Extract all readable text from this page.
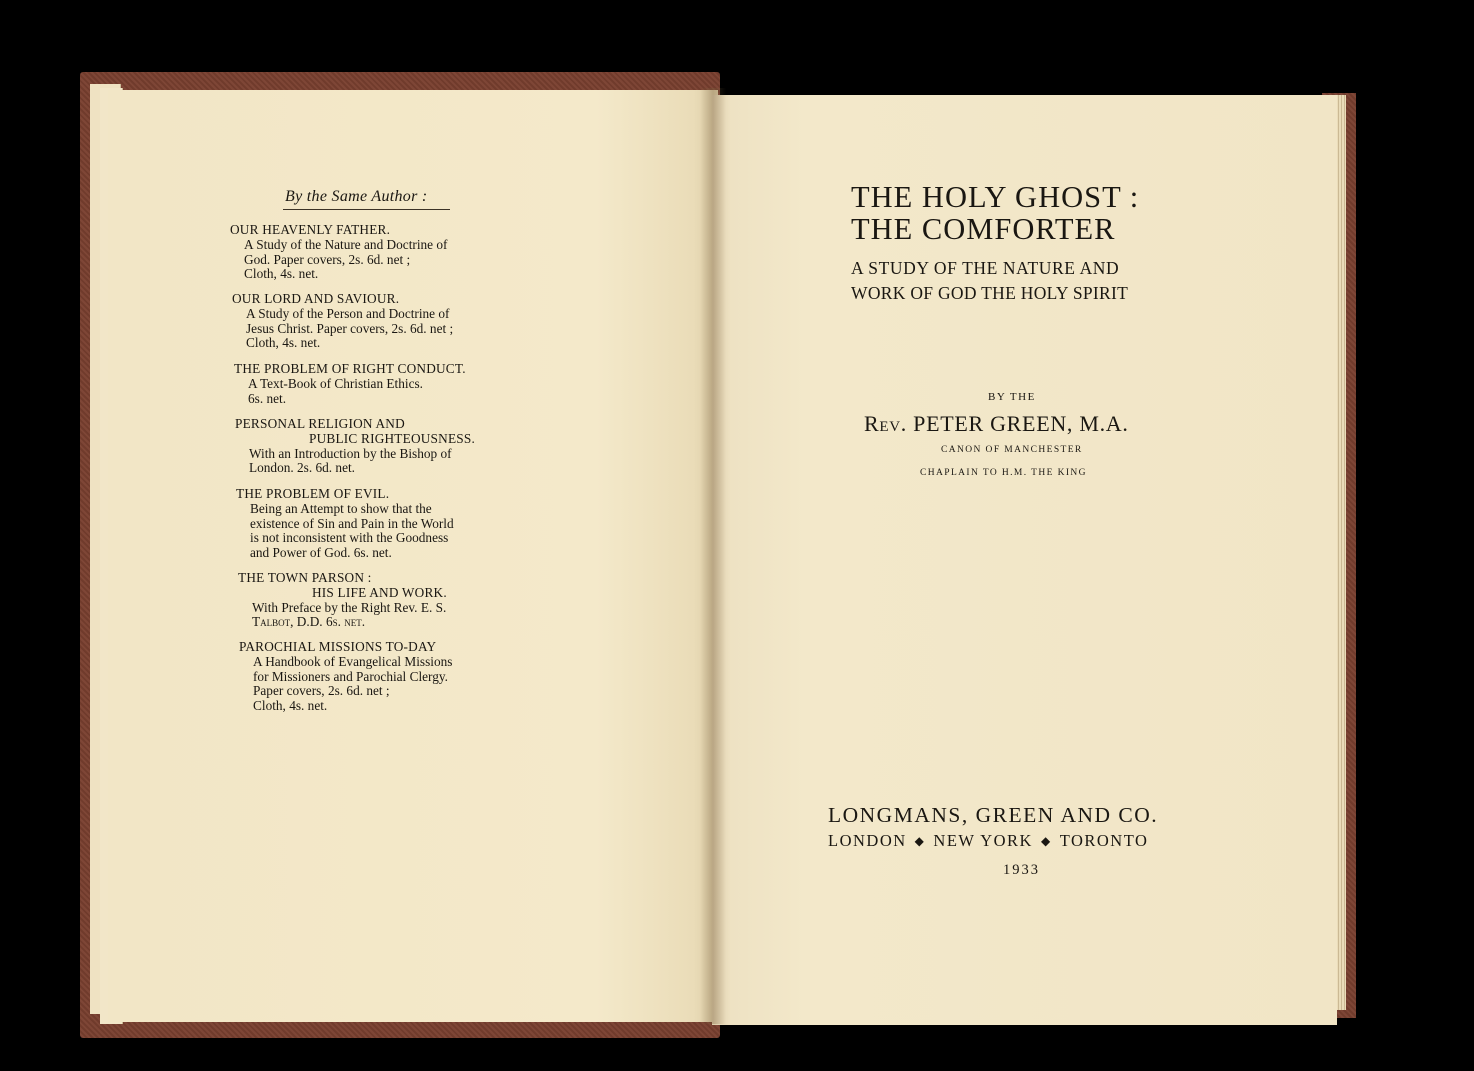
By the Same Author :
OUR HEAVENLY FATHER.
A Study of the Nature and Doctrine of
God. Paper covers, 2s. 6d. net ;
Cloth, 4s. net.
OUR LORD AND SAVIOUR.
A Study of the Person and Doctrine of
Jesus Christ. Paper covers, 2s. 6d. net ;
Cloth, 4s. net.
THE PROBLEM OF RIGHT CONDUCT.
A Text-Book of Christian Ethics.
6s. net.
PERSONAL RELIGION AND
PUBLIC RIGHTEOUSNESS.
With an Introduction by the Bishop of
London. 2s. 6d. net.
THE PROBLEM OF EVIL.
Being an Attempt to show that the
existence of Sin and Pain in the World
is not inconsistent with the Goodness
and Power of God. 6s. net.
THE TOWN PARSON :
HIS LIFE AND WORK.
With Preface by the Right Rev. E. S.
Talbot, D.D. 6s. net.
PAROCHIAL MISSIONS TO-DAY
A Handbook of Evangelical Missions
for Missioners and Parochial Clergy.
Paper covers, 2s. 6d. net ;
Cloth, 4s. net.
THE HOLY GHOST :
THE COMFORTER
A STUDY OF THE NATURE AND
WORK OF GOD THE HOLY SPIRIT
BY THE
Rev. PETER GREEN, M.A.
CANON OF MANCHESTER
CHAPLAIN TO H.M. THE KING
LONGMANS, GREEN AND CO.
LONDON ◆ NEW YORK ◆ TORONTO
1933
